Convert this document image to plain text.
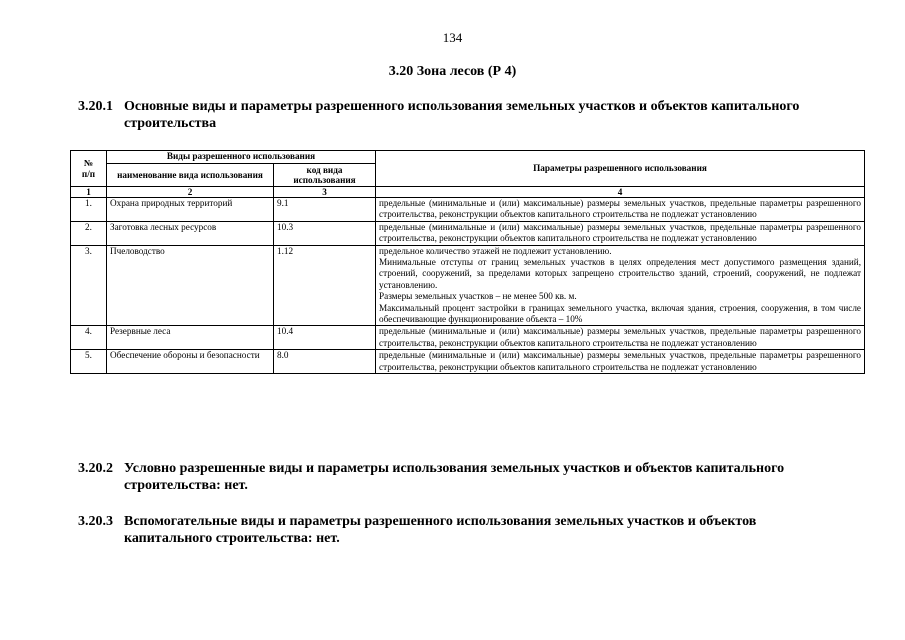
134
3.20 Зона лесов (Р 4)
3.20.1 Основные виды и параметры разрешенного использования земельных участков и объектов капитального
строительства
№
п/п	Виды разрешенного использования		Параметры разрешенного использования
	наименование вида использования	код вида использования	
1	2	3	4
1.	Охрана природных территорий	9.1	предельные (минимальные и (или) максимальные) размеры земельных участков, предельные параметры разрешенного строительства, реконструкции объектов капитального строительства не подлежат установлению

2.	Заготовка лесных ресурсов	10.3	предельные (минимальные и (или) максимальные) размеры земельных участков, предельные параметры разрешенного строительства, реконструкции объектов капитального строительства не подлежат установлению

3.	Пчеловодство	1.12	предельное количество этажей не подлежит установлению.
Минимальные отступы от границ земельных участков в целях определения мест допустимого размещения зданий, строений, сооружений, за пределами которых запрещено строительство зданий, строений, сооружений, не подлежат установлению.
Размеры земельных участков – не менее 500 кв. м.
Максимальный процент застройки в границах земельного участка, включая здания, строения, сооружения, в том числе обеспечивающие функционирование объекта – 10%

4.	Резервные леса	10.4	предельные (минимальные и (или) максимальные) размеры земельных участков, предельные параметры разрешенного строительства, реконструкции объектов капитального строительства не подлежат установлению

5.	Обеспечение обороны и безопасности	8.0	предельные (минимальные и (или) максимальные) размеры земельных участков, предельные параметры разрешенного строительства, реконструкции объектов капитального строительства не подлежат установлению
3.20.2 Условно разрешенные виды и параметры использования земельных участков и объектов капитального
строительства: нет.
3.20.3 Вспомогательные виды и параметры разрешенного использования земельных участков и объектов
капитального строительства: нет.
